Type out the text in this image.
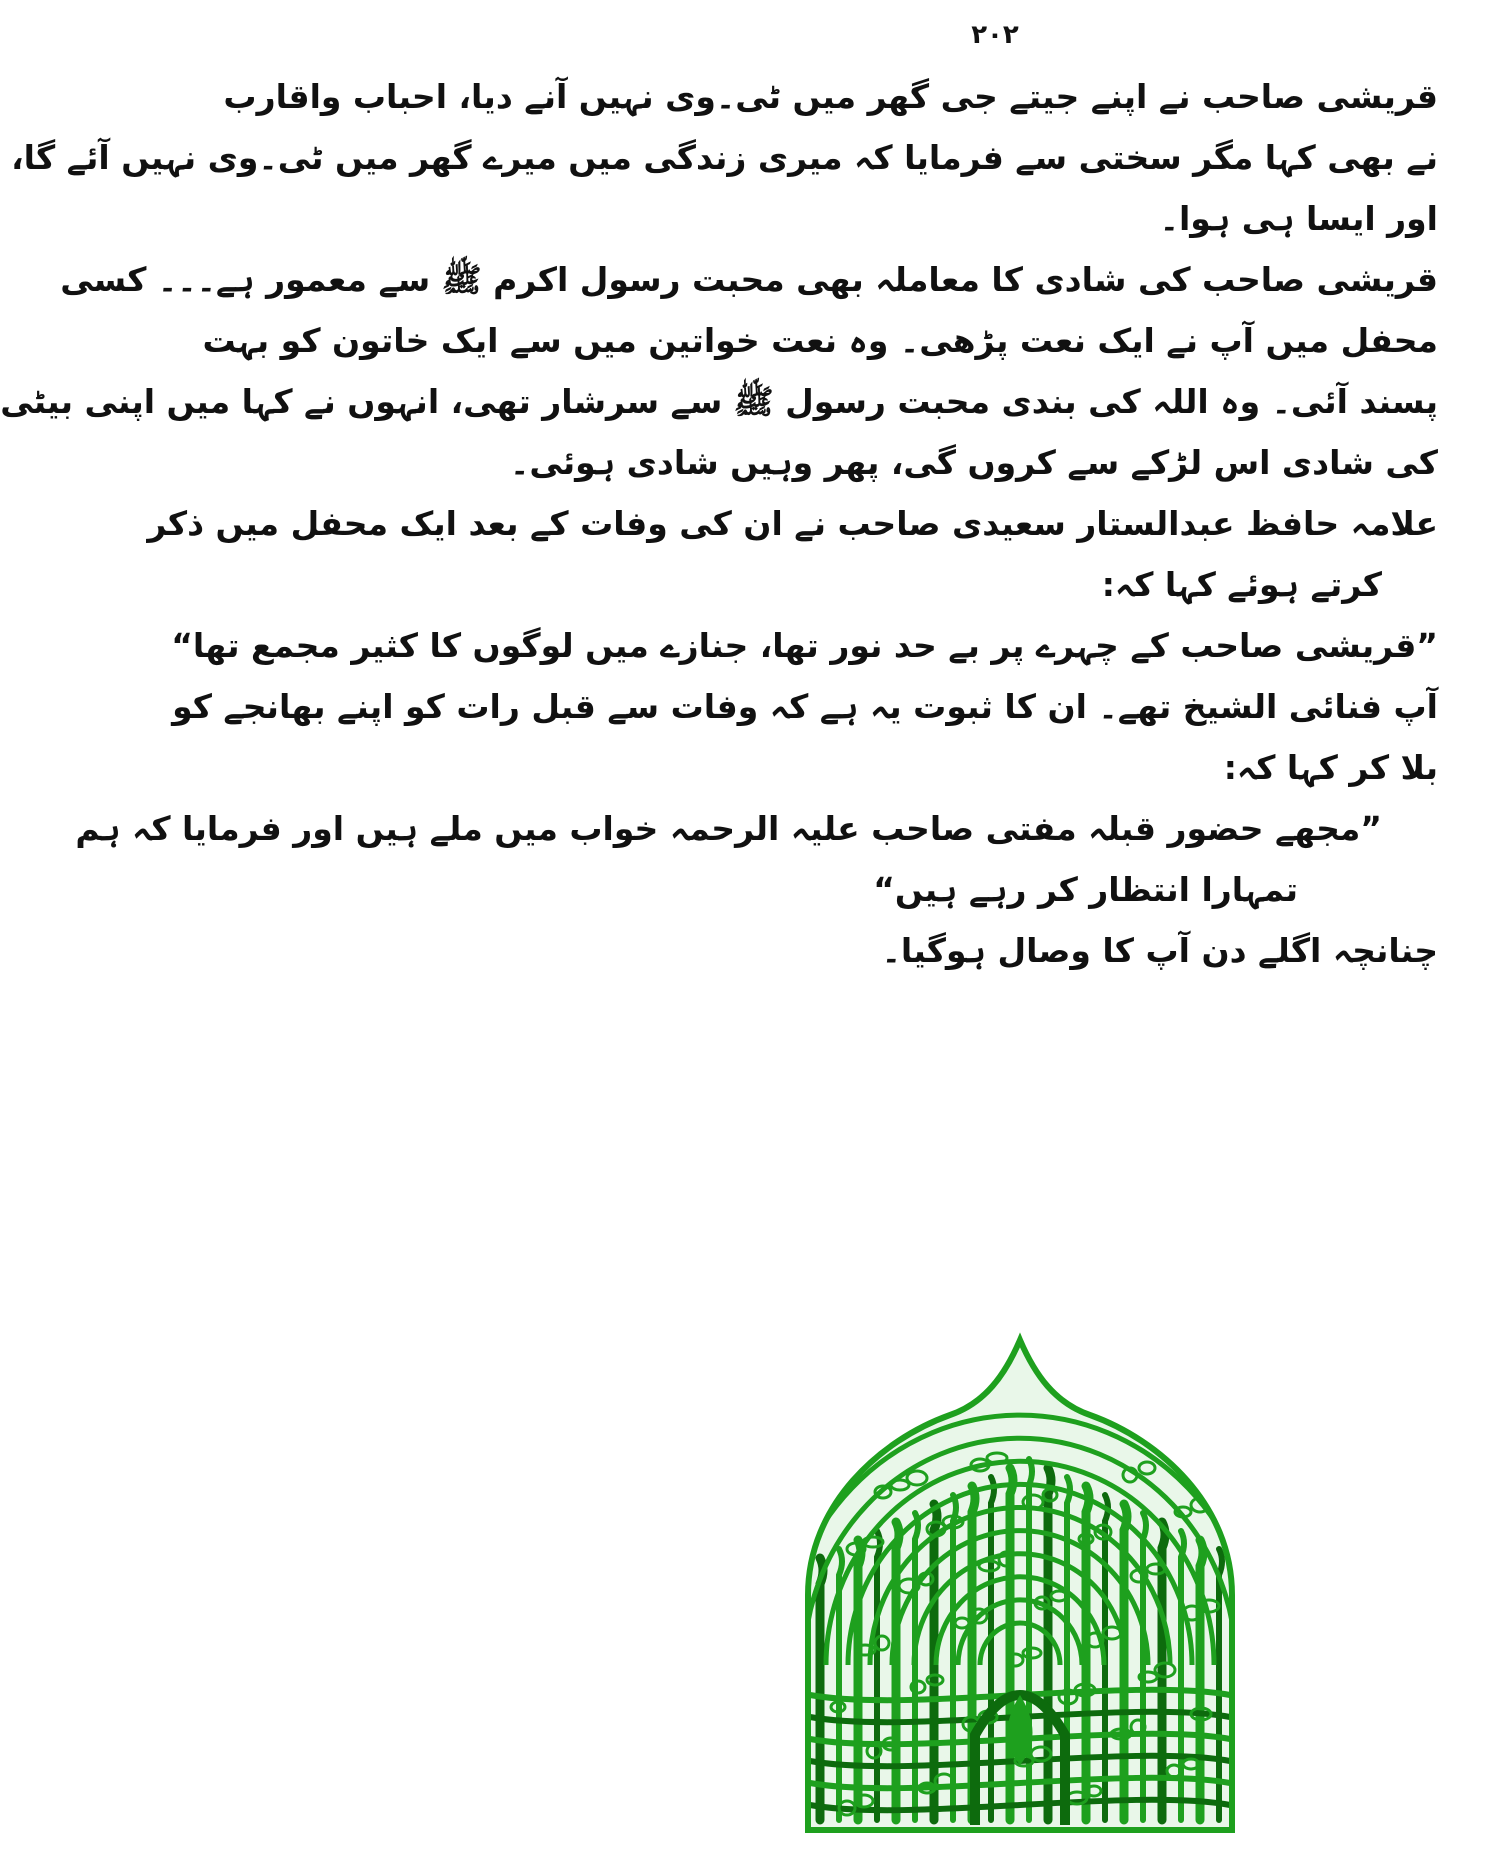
۲۰۲
قریشی صاحب نے اپنے جیتے جی گھر میں ٹی۔وی نہیں آنے دیا، احباب واقارب
نے بھی کہا مگر سختی سے فرمایا کہ میری زندگی میں میرے گھر میں ٹی۔وی نہیں آئے گا،
اور ایسا ہی ہوا۔
قریشی صاحب کی شادی کا معاملہ بھی محبت رسول اکرم ﷺ سے معمور ہے۔۔۔ کسی
محفل میں آپ نے ایک نعت پڑھی۔ وہ نعت خواتین میں سے ایک خاتون کو بہت
پسند آئی۔ وہ اللہ کی بندی محبت رسول ﷺ سے سرشار تھی، انہوں نے کہا میں اپنی بیٹی
کی شادی اس لڑکے سے کروں گی، پھر وہیں شادی ہوئی۔
علامہ حافظ عبدالستار سعیدی صاحب نے ان کی وفات کے بعد ایک محفل میں ذکر
کرتے ہوئے کہا کہ:
”قریشی صاحب کے چہرے پر بے حد نور تھا، جنازے میں لوگوں کا کثیر مجمع تھا“
آپ فنائی الشیخ تھے۔ ان کا ثبوت یہ ہے کہ وفات سے قبل رات کو اپنے بھانجے کو
بلا کر کہا کہ:
”مجھے حضور قبلہ مفتی صاحب علیہ الرحمہ خواب میں ملے ہیں اور فرمایا کہ ہم
تمہارا انتظار کر رہے ہیں“
چنانچہ اگلے دن آپ کا وصال ہوگیا۔
